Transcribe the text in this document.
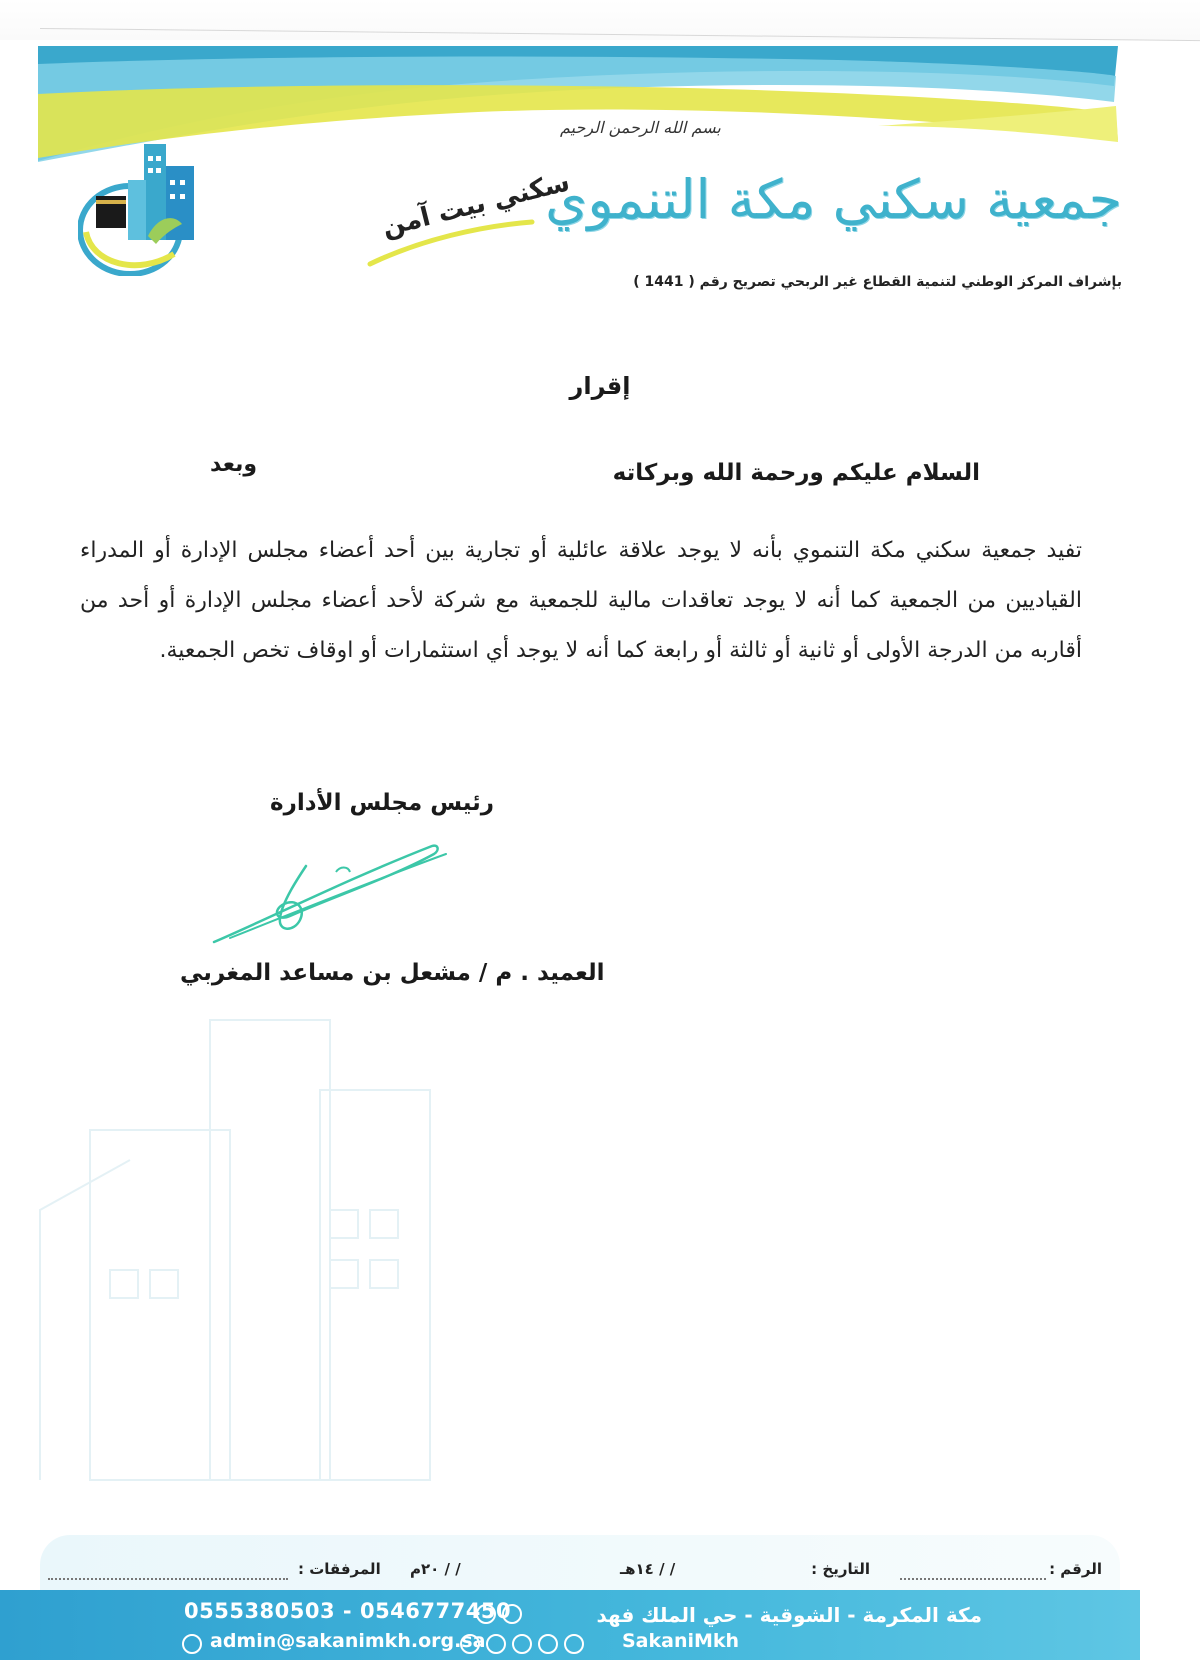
بسم الله الرحمن الرحيم
سكني بيت آمن
جمعية سكني مكة التنموي
بإشراف المركز الوطني لتنمية القطاع غير الربحي تصريح رقم ( 1441 )
إقرار
السلام عليكم ورحمة الله وبركاته
وبعد
تفيد جمعية سكني مكة التنموي بأنه لا يوجد علاقة عائلية أو تجارية بين أحد أعضاء مجلس الإدارة أو المدراء القياديين من الجمعية كما أنه لا يوجد تعاقدات مالية للجمعية مع شركة لأحد أعضاء مجلس الإدارة أو أحد من أقاربه من الدرجة الأولى أو ثانية أو ثالثة أو رابعة كما أنه لا يوجد أي استثمارات أو اوقاف تخص الجمعية.
رئيس مجلس الأدارة
العميد . م / مشعل بن مساعد المغربي
الرقم :
التاريخ :
/ / ١٤هـ
/ / ٢٠م
المرفقات :
مكة المكرمة - الشوقية - حي الملك فهد
0555380503 - 0546777450
admin@sakanimkh.org.sa	SakaniMkh
